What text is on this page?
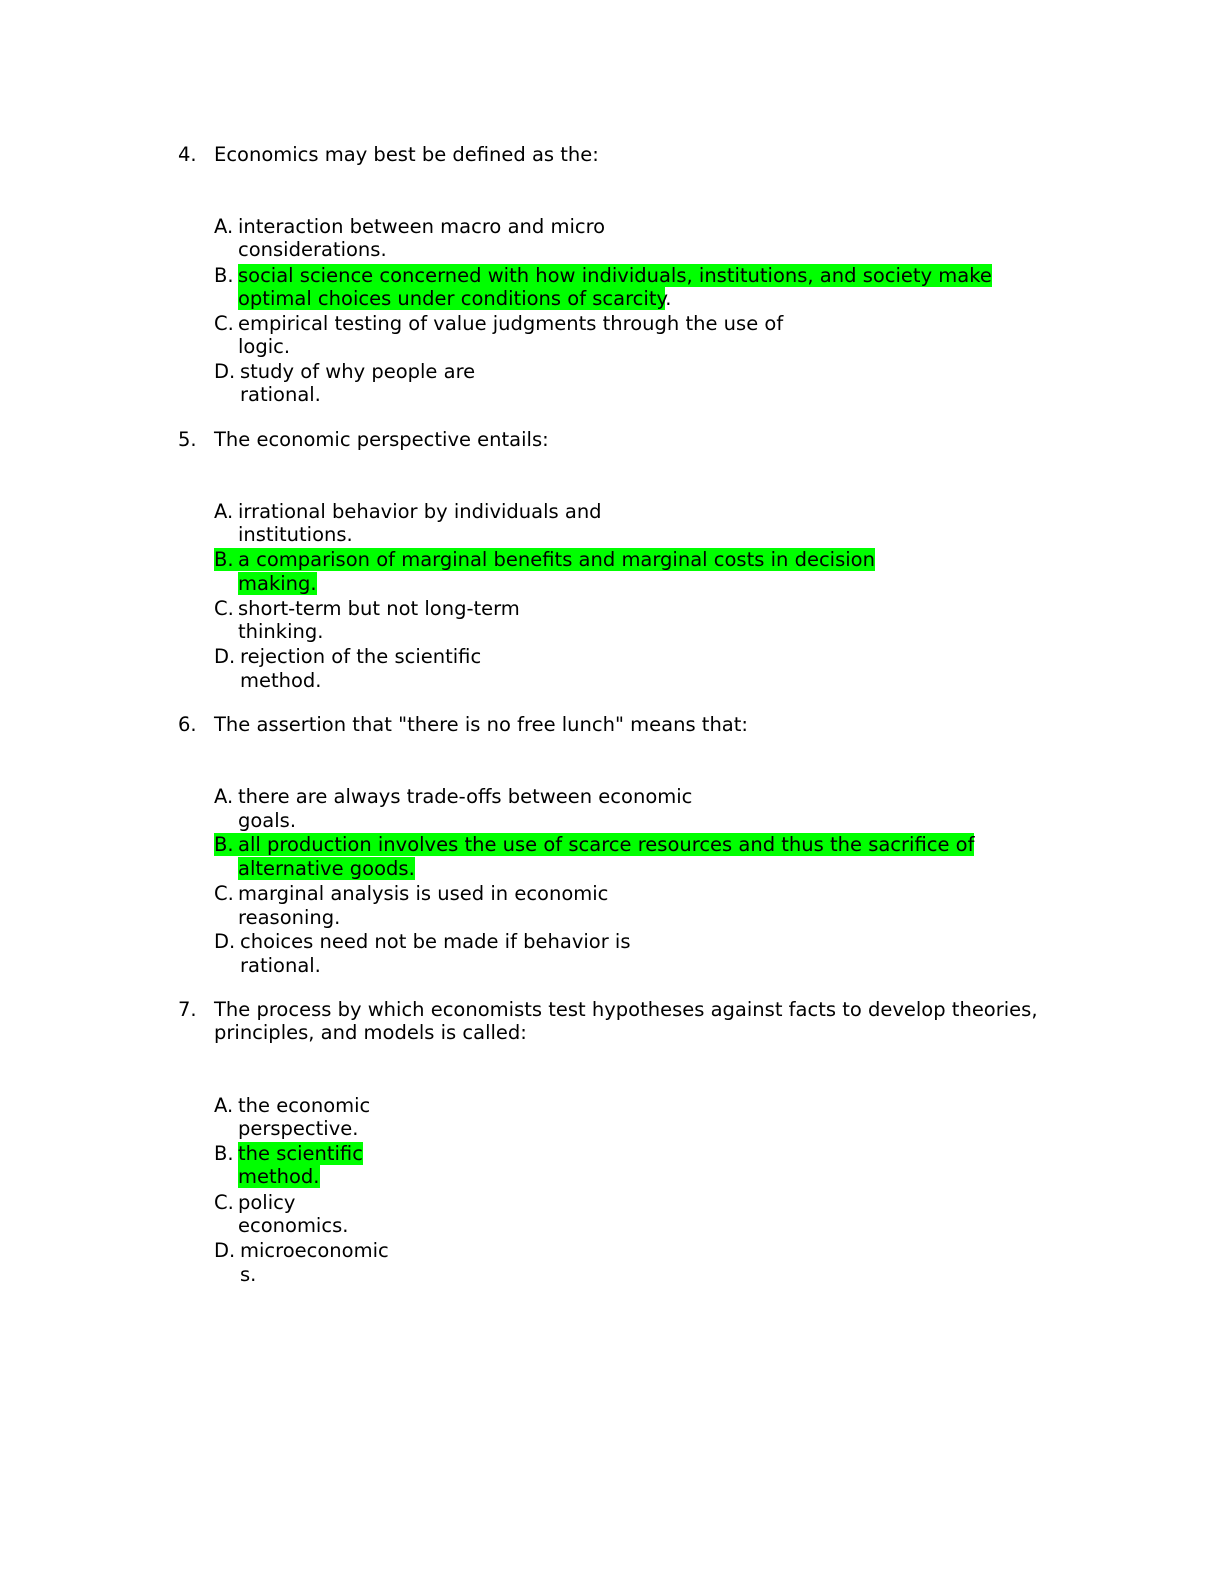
4. Economics may best be defined as the:
A. interaction between macro and micro
considerations.
B. social science concerned with how individuals, institutions, and society make
optimal choices under conditions of scarcity.
C. empirical testing of value judgments through the use of
logic.
D. study of why people are
rational.
5. The economic perspective entails:
A. irrational behavior by individuals and
institutions.
B. a comparison of marginal benefits and marginal costs in decision
making.
C. short-term but not long-term
thinking.
D. rejection of the scientific
method.
6. The assertion that "there is no free lunch" means that:
A. there are always trade-offs between economic
goals.
B. all production involves the use of scarce resources and thus the sacrifice of
alternative goods.
C. marginal analysis is used in economic
reasoning.
D. choices need not be made if behavior is
rational.
7. The process by which economists test hypotheses against facts to develop theories,
principles, and models is called:
A. the economic
perspective.
B. the scientific
method.
C. policy
economics.
D. microeconomic
s.
